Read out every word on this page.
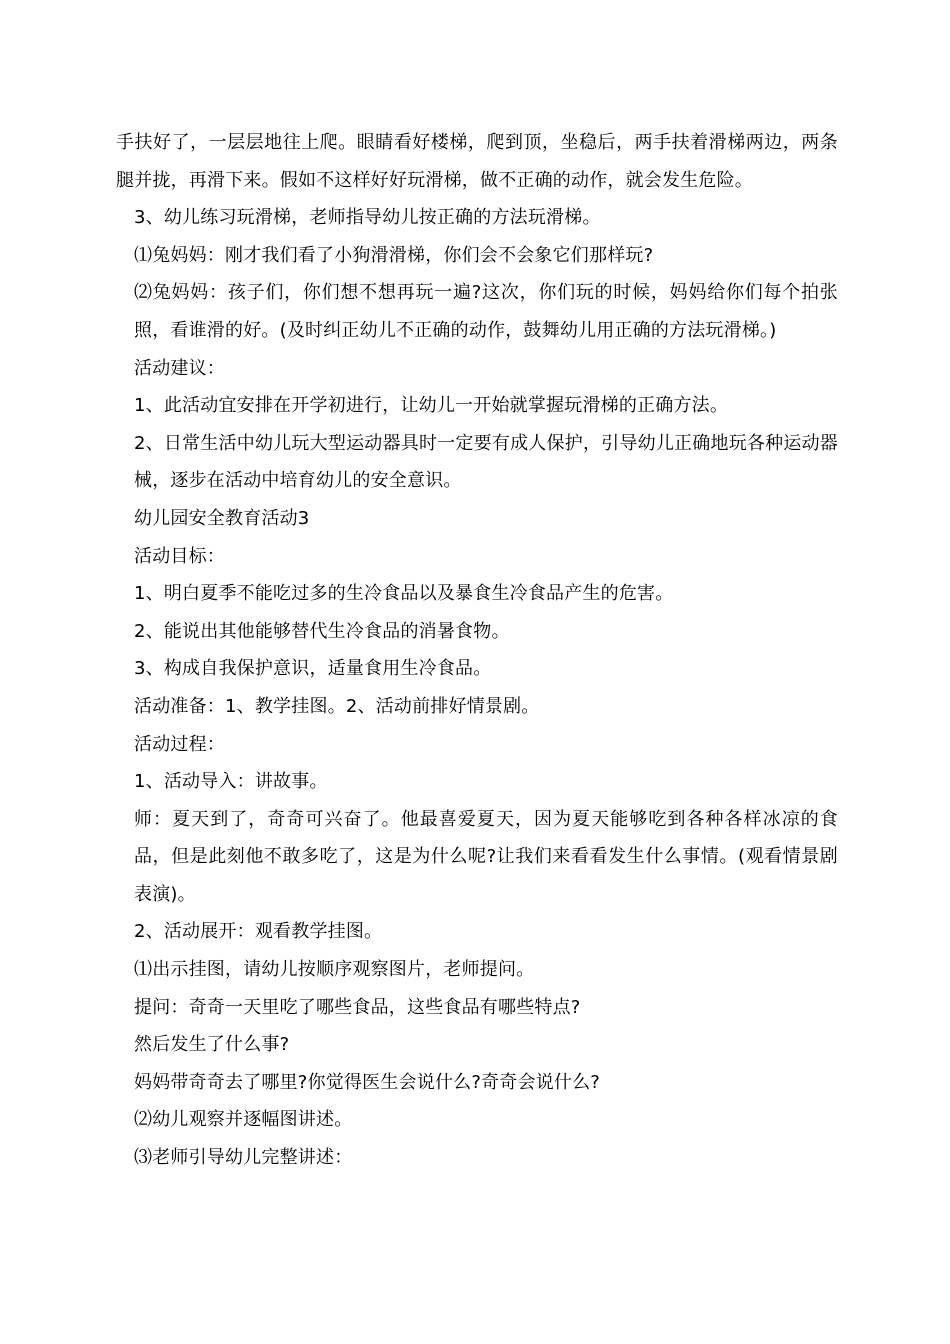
手扶好了，一层层地往上爬。眼睛看好楼梯，爬到顶，坐稳后，两手扶着滑梯两边，两条腿并拢，再滑下来。假如不这样好好玩滑梯，做不正确的动作，就会发生危险。

3、幼儿练习玩滑梯，老师指导幼儿按正确的方法玩滑梯。

⑴兔妈妈：刚才我们看了小狗滑滑梯，你们会不会象它们那样玩?

⑵兔妈妈：孩子们，你们想不想再玩一遍?这次，你们玩的时候，妈妈给你们每个拍张照，看谁滑的好。(及时纠正幼儿不正确的动作，鼓舞幼儿用正确的方法玩滑梯。)

活动建议：

1、此活动宜安排在开学初进行，让幼儿一开始就掌握玩滑梯的正确方法。

2、日常生活中幼儿玩大型运动器具时一定要有成人保护，引导幼儿正确地玩各种运动器械，逐步在活动中培育幼儿的安全意识。

幼儿园安全教育活动3

活动目标：

1、明白夏季不能吃过多的生冷食品以及暴食生冷食品产生的危害。

2、能说出其他能够替代生冷食品的消暑食物。

3、构成自我保护意识，适量食用生冷食品。

活动准备：1、教学挂图。2、活动前排好情景剧。

活动过程：

1、活动导入：讲故事。

师：夏天到了，奇奇可兴奋了。他最喜爱夏天，因为夏天能够吃到各种各样冰凉的食品，但是此刻他不敢多吃了，这是为什么呢?让我们来看看发生什么事情。(观看情景剧表演)。

2、活动展开：观看教学挂图。

⑴出示挂图，请幼儿按顺序观察图片，老师提问。

提问：奇奇一天里吃了哪些食品，这些食品有哪些特点?

然后发生了什么事?

妈妈带奇奇去了哪里?你觉得医生会说什么?奇奇会说什么?

⑵幼儿观察并逐幅图讲述。

⑶老师引导幼儿完整讲述：
